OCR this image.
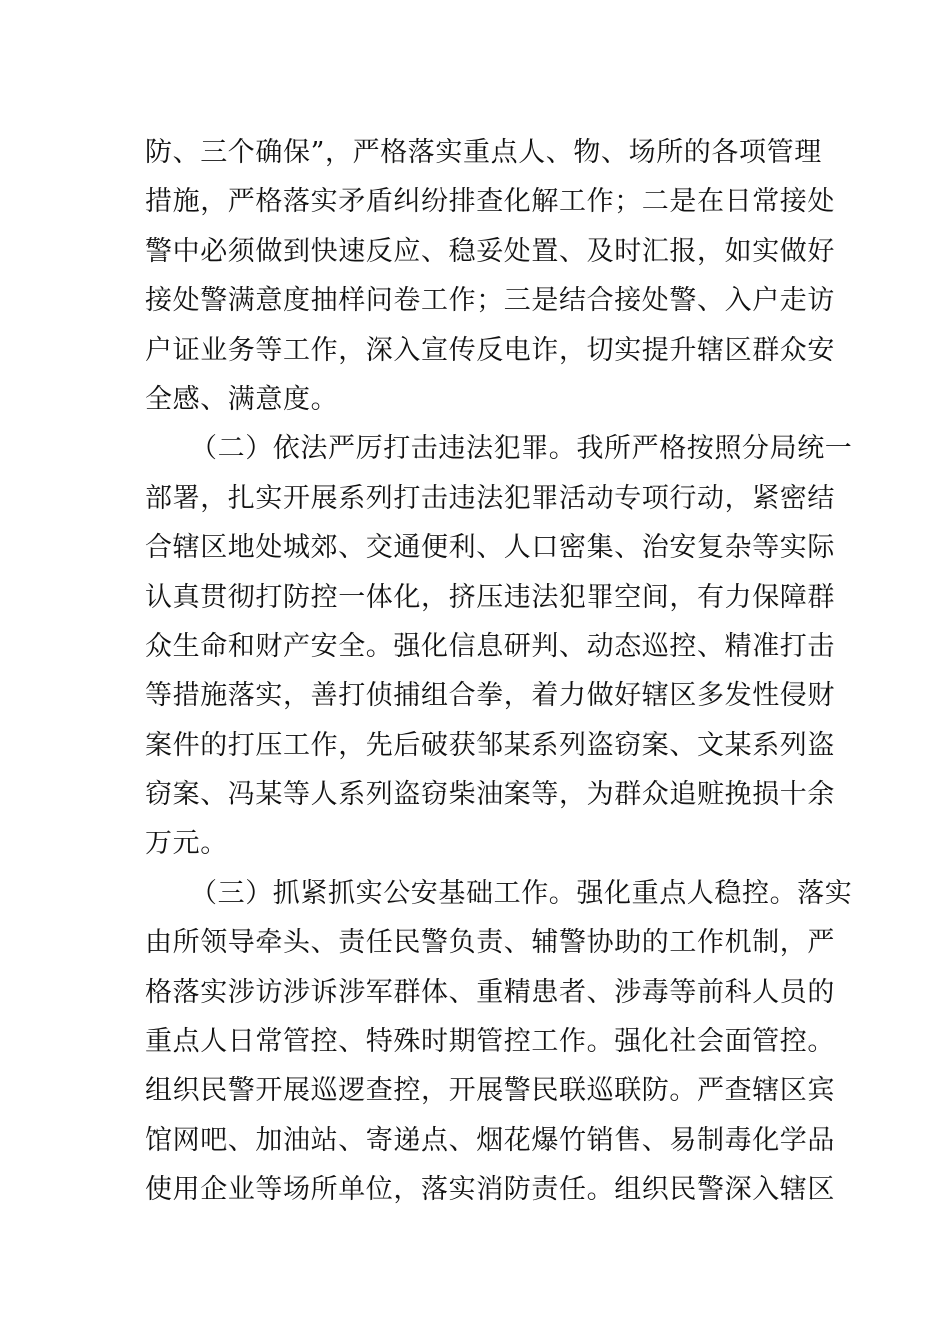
防、三个确保”，严格落实重点人、物、场所的各项管理
措施，严格落实矛盾纠纷排查化解工作；二是在日常接处
警中必须做到快速反应、稳妥处置、及时汇报，如实做好
接处警满意度抽样问卷工作；三是结合接处警、入户走访
户证业务等工作，深入宣传反电诈，切实提升辖区群众安
全感、满意度。
（二）依法严厉打击违法犯罪。我所严格按照分局统一
部署，扎实开展系列打击违法犯罪活动专项行动，紧密结
合辖区地处城郊、交通便利、人口密集、治安复杂等实际
认真贯彻打防控一体化，挤压违法犯罪空间，有力保障群
众生命和财产安全。强化信息研判、动态巡控、精准打击
等措施落实，善打侦捕组合拳，着力做好辖区多发性侵财
案件的打压工作，先后破获邹某系列盗窃案、文某系列盗
窃案、冯某等人系列盗窃柴油案等，为群众追赃挽损十余
万元。
（三）抓紧抓实公安基础工作。强化重点人稳控。落实
由所领导牵头、责任民警负责、辅警协助的工作机制，严
格落实涉访涉诉涉军群体、重精患者、涉毒等前科人员的
重点人日常管控、特殊时期管控工作。强化社会面管控。
组织民警开展巡逻查控，开展警民联巡联防。严查辖区宾
馆网吧、加油站、寄递点、烟花爆竹销售、易制毒化学品
使用企业等场所单位，落实消防责任。组织民警深入辖区
